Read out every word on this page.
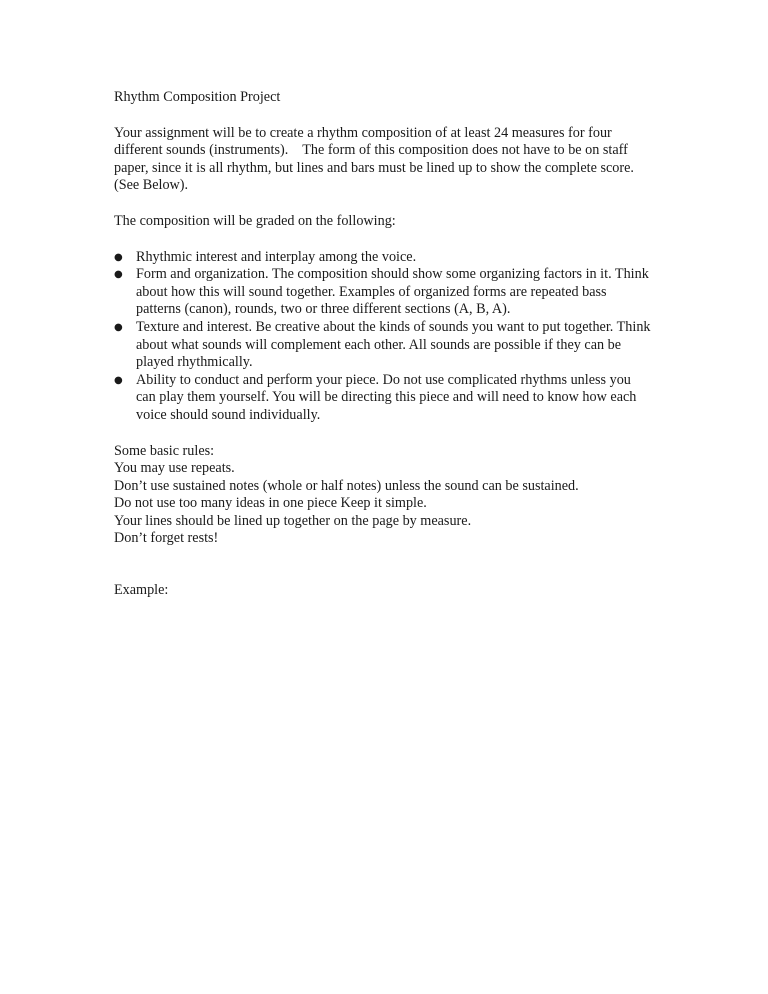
Rhythm Composition Project

Your assignment will be to create a rhythm composition of at least 24 measures for four different sounds (instruments).    The form of this composition does not have to be on staff paper, since it is all rhythm, but lines and bars must be lined up to show the complete score.  (See Below).

The composition will be graded on the following:

● Rhythmic interest and interplay among the voice.
● Form and organization. The composition should show some organizing factors in it. Think about how this will sound together. Examples of organized forms are repeated bass patterns (canon), rounds, two or three different sections (A, B, A).
● Texture and interest. Be creative about the kinds of sounds you want to put together. Think about what sounds will complement each other. All sounds are possible if they can be played rhythmically.
● Ability to conduct and perform your piece. Do not use complicated rhythms unless you can play them yourself. You will be directing this piece and will need to know how each voice should sound individually.

Some basic rules:

You may use repeats.

Don’t use sustained notes (whole or half notes) unless the sound can be sustained.

Do not use too many ideas in one piece Keep it simple.

Your lines should be lined up together on the page by measure.

Don’t forget rests!

Example:
